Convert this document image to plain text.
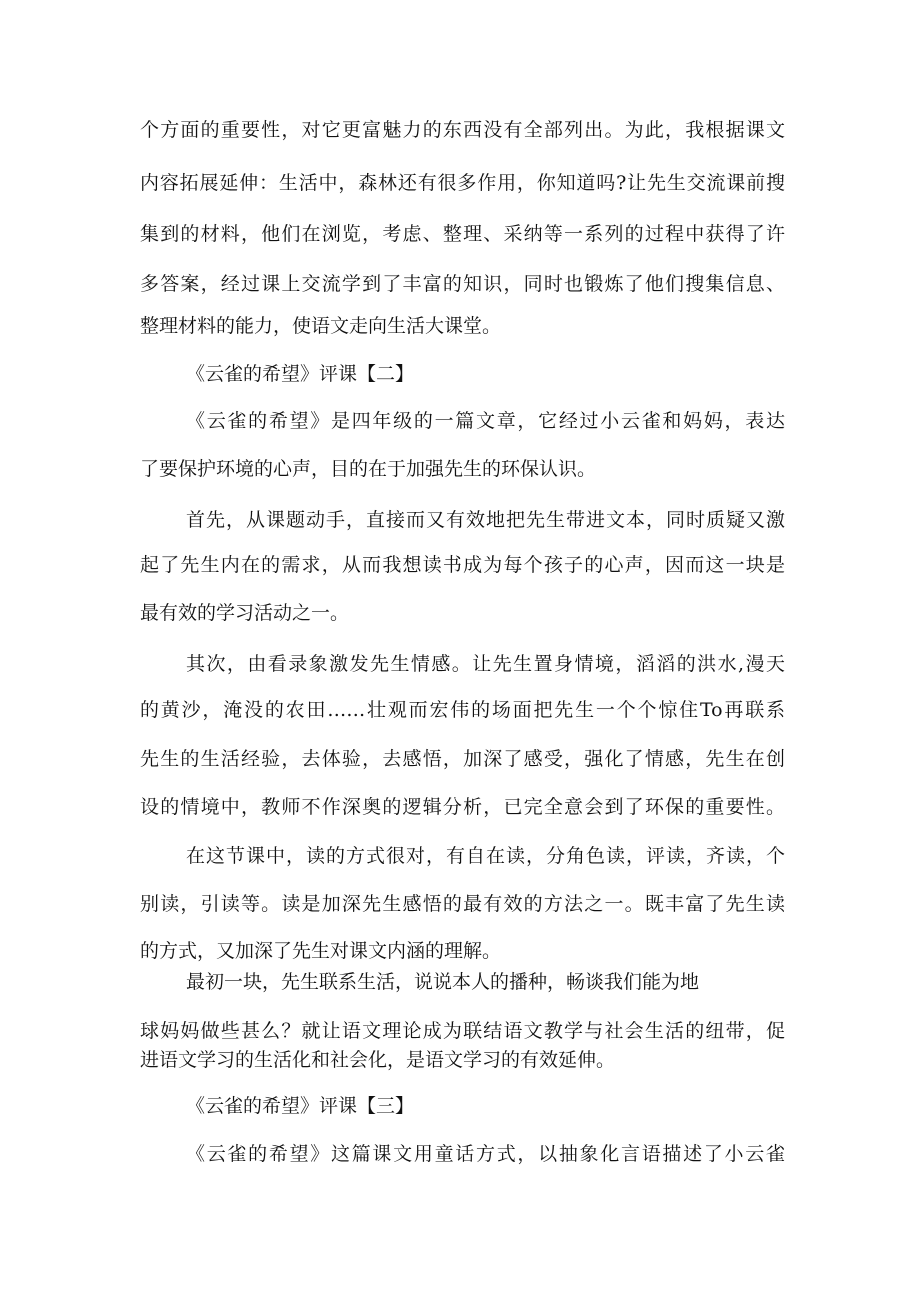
个方面的重要性，对它更富魅力的东西没有全部列出。为此，我根据课文
内容拓展延伸：生活中，森林还有很多作用，你知道吗?让先生交流课前搜
集到的材料，他们在浏览，考虑、整理、采纳等一系列的过程中获得了许
多答案，经过课上交流学到了丰富的知识，同时也锻炼了他们搜集信息、
整理材料的能力，使语文走向生活大课堂。
《云雀的希望》评课【二】
《云雀的希望》是四年级的一篇文章，它经过小云雀和妈妈，表达
了要保护环境的心声，目的在于加强先生的环保认识。
首先，从课题动手，直接而又有效地把先生带进文本，同时质疑又激
起了先生内在的需求，从而我想读书成为每个孩子的心声，因而这一块是
最有效的学习活动之一。
其次，由看录象激发先生情感。让先生置身情境，滔滔的洪水,漫天
的黄沙，淹没的农田……壮观而宏伟的场面把先生一个个惊住To再联系
先生的生活经验，去体验，去感悟，加深了感受，强化了情感，先生在创
设的情境中，教师不作深奥的逻辑分析，已完全意会到了环保的重要性。
在这节课中，读的方式很对，有自在读，分角色读，评读，齐读，个
别读，引读等。读是加深先生感悟的最有效的方法之一。既丰富了先生读
的方式，又加深了先生对课文内涵的理解。
最初一块，先生联系生活，说说本人的播种，畅谈我们能为地
球妈妈做些甚么？就让语文理论成为联结语文教学与社会生活的纽带，促
进语文学习的生活化和社会化，是语文学习的有效延伸。
《云雀的希望》评课【三】
《云雀的希望》这篇课文用童话方式，以抽象化言语描述了小云雀
